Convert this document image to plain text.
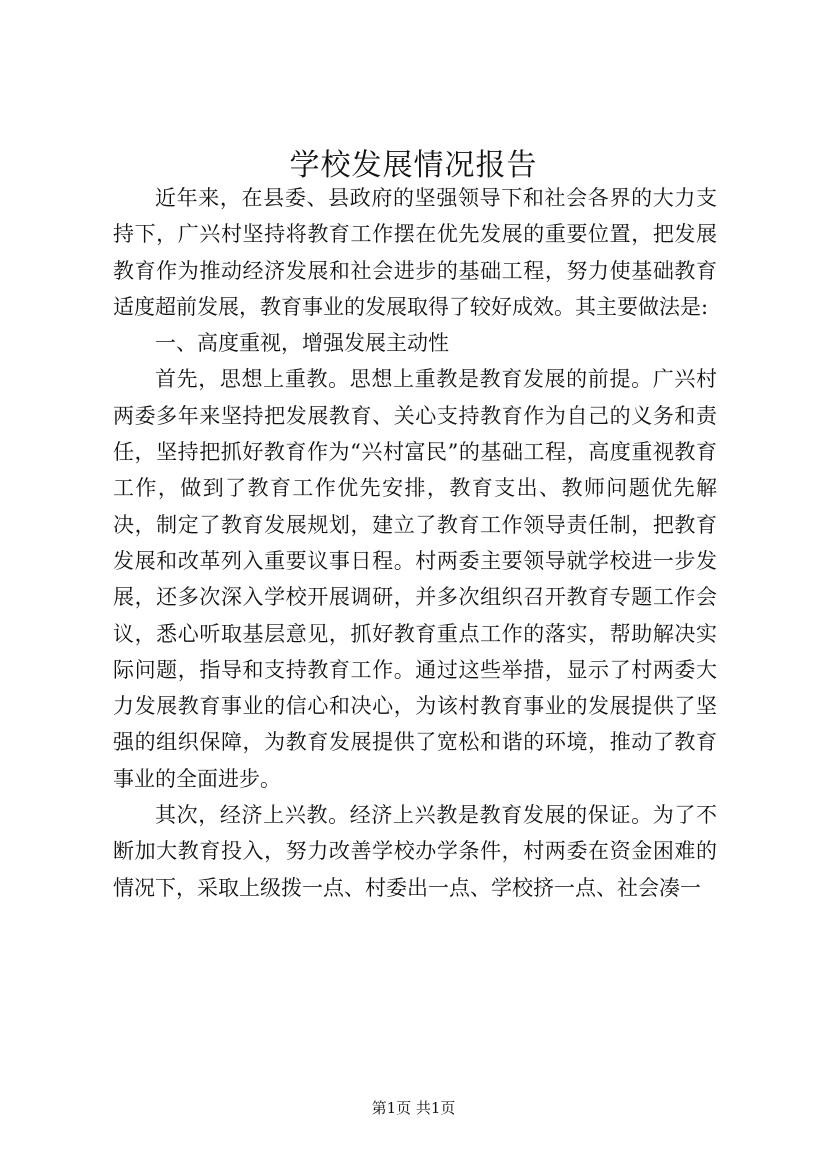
学校发展情况报告

近年来，在县委、县政府的坚强领导下和社会各界的大力支持下，广兴村坚持将教育工作摆在优先发展的重要位置，把发展教育作为推动经济发展和社会进步的基础工程，努力使基础教育适度超前发展，教育事业的发展取得了较好成效。其主要做法是:

一、高度重视，增强发展主动性

首先，思想上重教。思想上重教是教育发展的前提。广兴村两委多年来坚持把发展教育、关心支持教育作为自己的义务和责任，坚持把抓好教育作为“兴村富民”的基础工程，高度重视教育工作，做到了教育工作优先安排，教育支出、教师问题优先解决，制定了教育发展规划，建立了教育工作领导责任制，把教育发展和改革列入重要议事日程。村两委主要领导就学校进一步发展，还多次深入学校开展调研，并多次组织召开教育专题工作会议，悉心听取基层意见，抓好教育重点工作的落实，帮助解决实际问题，指导和支持教育工作。通过这些举措，显示了村两委大力发展教育事业的信心和决心，为该村教育事业的发展提供了坚强的组织保障，为教育发展提供了宽松和谐的环境，推动了教育事业的全面进步。

其次，经济上兴教。经济上兴教是教育发展的保证。为了不断加大教育投入，努力改善学校办学条件，村两委在资金困难的情况下，采取上级拨一点、村委出一点、学校挤一点、社会凑一

第1页 共1页
